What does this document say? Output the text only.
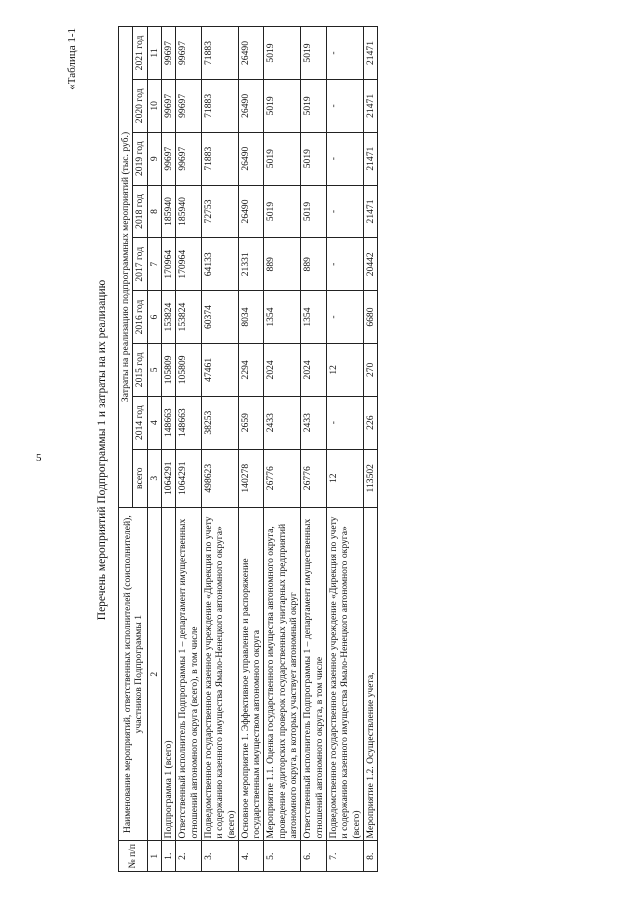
5
«Таблица 1-1
Перечень мероприятий Подпрограммы 1 и затраты на их реализацию
№ п/п	Наименование мероприятий, ответственных исполнителей (соисполнителей), участников Подпрограммы 1	Затраты на реализацию подпрограммных мероприятий (тыс. руб.)								
		всего	2014 год	2015 год	2016 год	2017 год	2018 год	2019 год	2020 год	2021 год
1	2	3	4	5	6	7	8	9	10	11
1.	Подпрограмма 1 (всего)	1064291	148663	105809	153824	170964	185940	99697	99697	99697
2.	Ответственный исполнитель Подпрограммы 1 – департамент имущественных отношений автономного округа (всего), в том числе	1064291	148663	105809	153824	170964	185940	99697	99697	99697
3.	Подведомственное государственное казенное учреждение «Дирекция по учету и содержанию казенного имущества Ямало-Ненецкого автономного округа» (всего)	498623	38253	47461	60374	64133	72753	71883	71883	71883
4.	Основное мероприятие 1. Эффективное управление и распоряжение государственным имуществом автономного округа	140278	2659	2294	8034	21331	26490	26490	26490	26490
5.	Мероприятие 1.1. Оценка государственного имущества автономного округа, проведение аудиторских проверок государственных унитарных предприятий автономного округа, в которых участвует автономный округ	26776	2433	2024	1354	889	5019	5019	5019	5019
6.	Ответственный исполнитель Подпрограммы 1 – департамент имущественных отношений автономного округа, в том числе	26776	2433	2024	1354	889	5019	5019	5019	5019
7.	Подведомственное государственное казенное учреждение «Дирекция по учету и содержанию казенного имущества Ямало-Ненецкого автономного округа» (всего)	12	-	12	-	-	-	-	-	-
8.	Мероприятие 1.2. Осуществление учета,	113502	226	270	6680	20442	21471	21471	21471	21471
